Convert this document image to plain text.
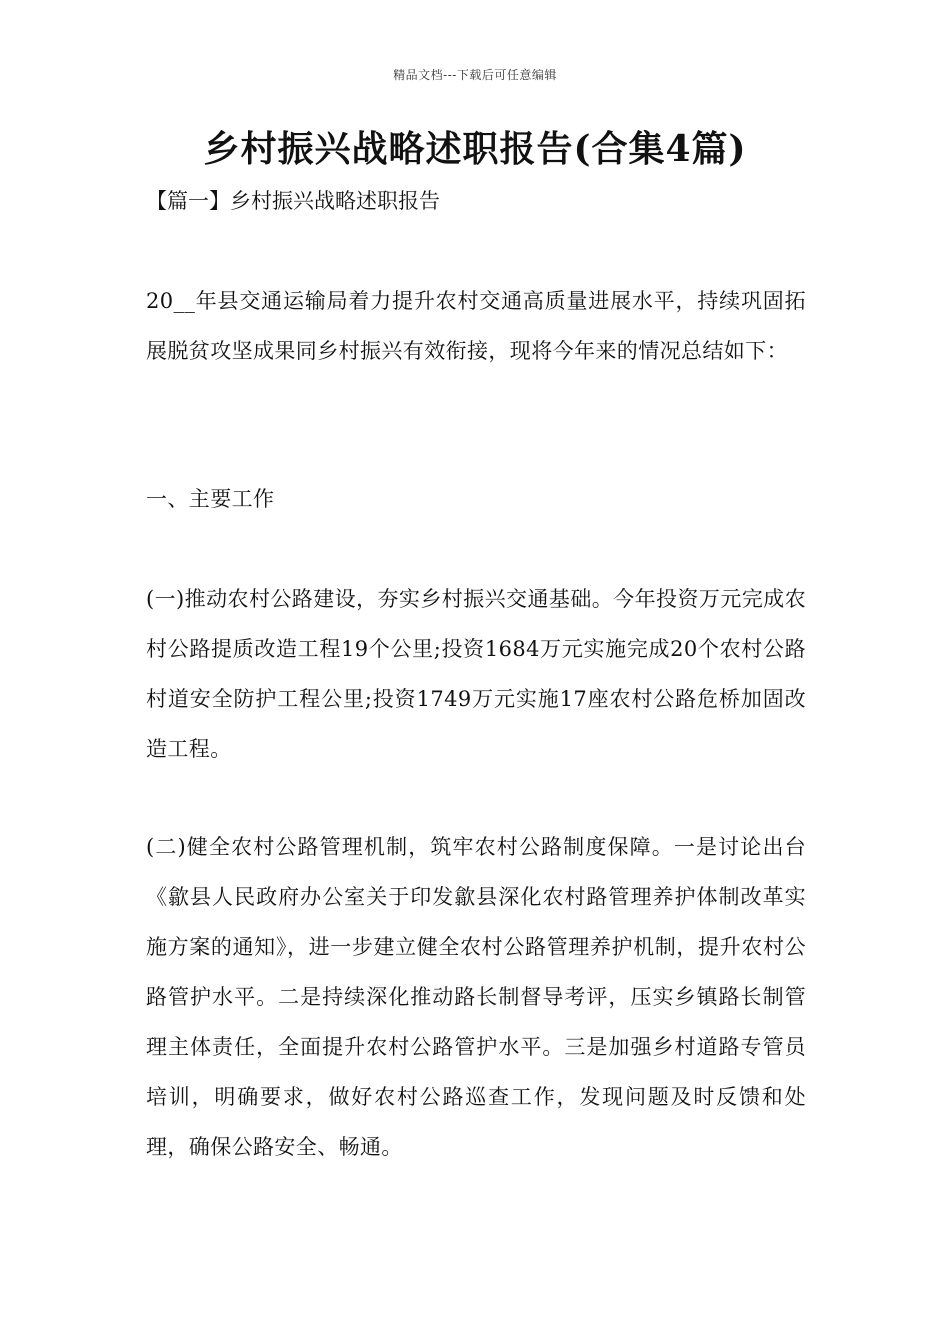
精品文档---下载后可任意编辑
乡村振兴战略述职报告(合集4篇)
【篇一】乡村振兴战略述职报告

20__年县交通运输局着力提升农村交通高质量进展水平，持续巩固拓展脱贫攻坚成果同乡村振兴有效衔接，现将今年来的情况总结如下：

一、主要工作

(一)推动农村公路建设，夯实乡村振兴交通基础。今年投资万元完成农村公路提质改造工程19个公里;投资1684万元实施完成20个农村公路村道安全防护工程公里;投资1749万元实施17座农村公路危桥加固改造工程。

(二)健全农村公路管理机制，筑牢农村公路制度保障。一是讨论出台《歙县人民政府办公室关于印发歙县深化农村路管理养护体制改革实施方案的通知》，进一步建立健全农村公路管理养护机制，提升农村公路管护水平。二是持续深化推动路长制督导考评，压实乡镇路长制管理主体责任，全面提升农村公路管护水平。三是加强乡村道路专管员培训，明确要求，做好农村公路巡查工作，发现问题及时反馈和处理，确保公路安全、畅通。
